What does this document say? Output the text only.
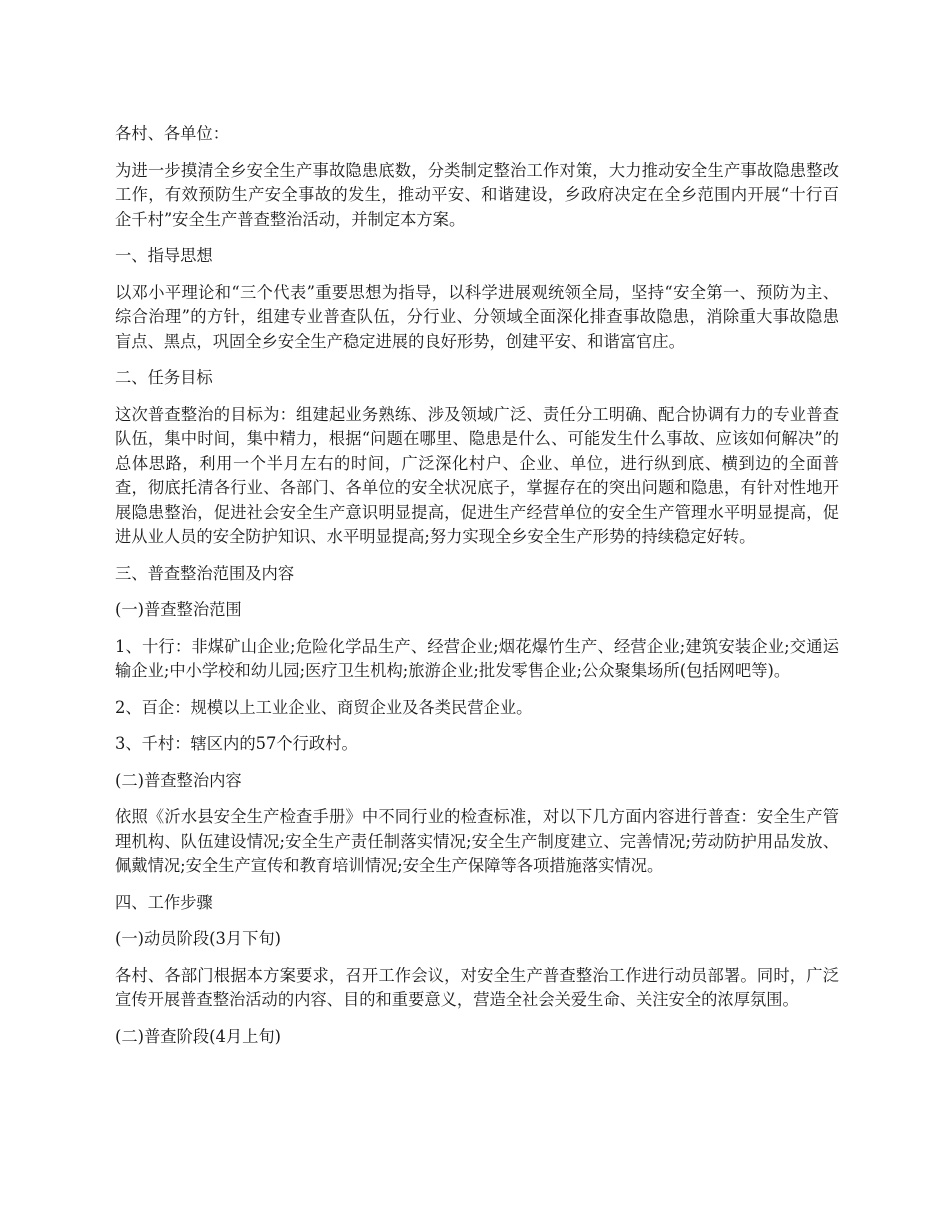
各村、各单位：

为进一步摸清全乡安全生产事故隐患底数，分类制定整治工作对策，大力推动安全生产事故隐患整改工作，有效预防生产安全事故的发生，推动平安、和谐建设，乡政府决定在全乡范围内开展“十行百企千村”安全生产普查整治活动，并制定本方案。

一、指导思想

以邓小平理论和“三个代表”重要思想为指导，以科学进展观统领全局，坚持“安全第一、预防为主、综合治理”的方针，组建专业普查队伍，分行业、分领域全面深化排查事故隐患，消除重大事故隐患盲点、黑点，巩固全乡安全生产稳定进展的良好形势，创建平安、和谐富官庄。

二、任务目标

这次普查整治的目标为：组建起业务熟练、涉及领域广泛、责任分工明确、配合协调有力的专业普查队伍，集中时间，集中精力，根据“问题在哪里、隐患是什么、可能发生什么事故、应该如何解决”的总体思路，利用一个半月左右的时间，广泛深化村户、企业、单位，进行纵到底、横到边的全面普查，彻底托清各行业、各部门、各单位的安全状况底子，掌握存在的突出问题和隐患，有针对性地开展隐患整治，促进社会安全生产意识明显提高，促进生产经营单位的安全生产管理水平明显提高，促进从业人员的安全防护知识、水平明显提高;努力实现全乡安全生产形势的持续稳定好转。

三、普查整治范围及内容

(一)普查整治范围

1、十行：非煤矿山企业;危险化学品生产、经营企业;烟花爆竹生产、经营企业;建筑安装企业;交通运输企业;中小学校和幼儿园;医疗卫生机构;旅游企业;批发零售企业;公众聚集场所(包括网吧等)。

2、百企：规模以上工业企业、商贸企业及各类民营企业。

3、千村：辖区内的57个行政村。

(二)普查整治内容

依照《沂水县安全生产检查手册》中不同行业的检查标准，对以下几方面内容进行普查：安全生产管理机构、队伍建设情况;安全生产责任制落实情况;安全生产制度建立、完善情况;劳动防护用品发放、佩戴情况;安全生产宣传和教育培训情况;安全生产保障等各项措施落实情况。

四、工作步骤

(一)动员阶段(3月下旬)

各村、各部门根据本方案要求，召开工作会议，对安全生产普查整治工作进行动员部署。同时，广泛宣传开展普查整治活动的内容、目的和重要意义，营造全社会关爱生命、关注安全的浓厚氛围。

(二)普查阶段(4月上旬)
